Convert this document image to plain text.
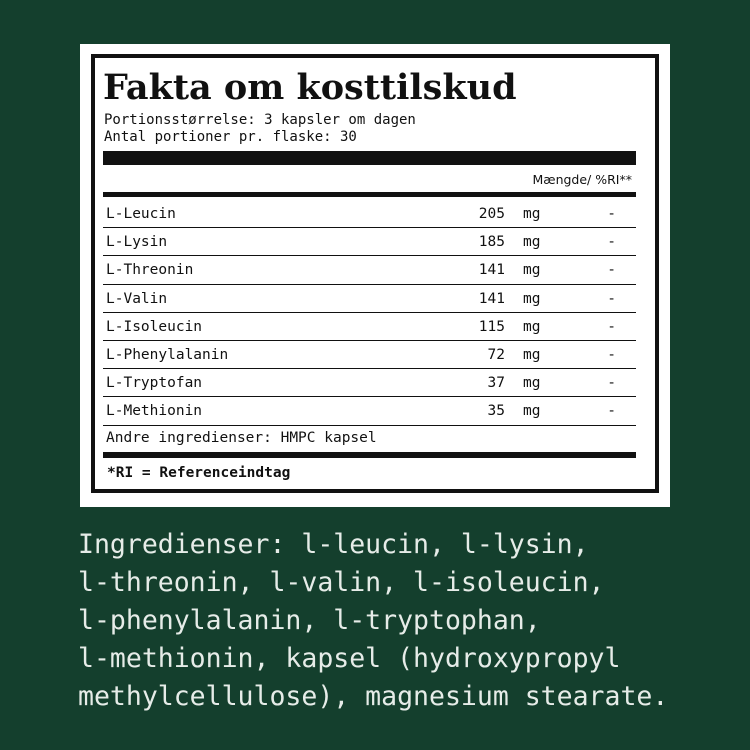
Fakta om kosttilskud
Portionsstørrelse: 3 kapsler om dagen
Antal portioner pr. flaske: 30
Mængde/ %RI**
L-Leucin	205 mg	-
L-Lysin	185 mg	-
L-Threonin	141 mg	-
L-Valin	141 mg	-
L-Isoleucin	115 mg	-
L-Phenylalanin	72 mg	-
L-Tryptofan	37 mg	-
L-Methionin	35 mg	-
Andre ingredienser: HMPC kapsel
*RI = Referenceindtag
Ingredienser: l-leucin, l-lysin,
l-threonin, l-valin, l-isoleucin,
l-phenylalanin, l-tryptophan,
l-methionin, kapsel (hydroxypropyl
methylcellulose), magnesium stearate.
